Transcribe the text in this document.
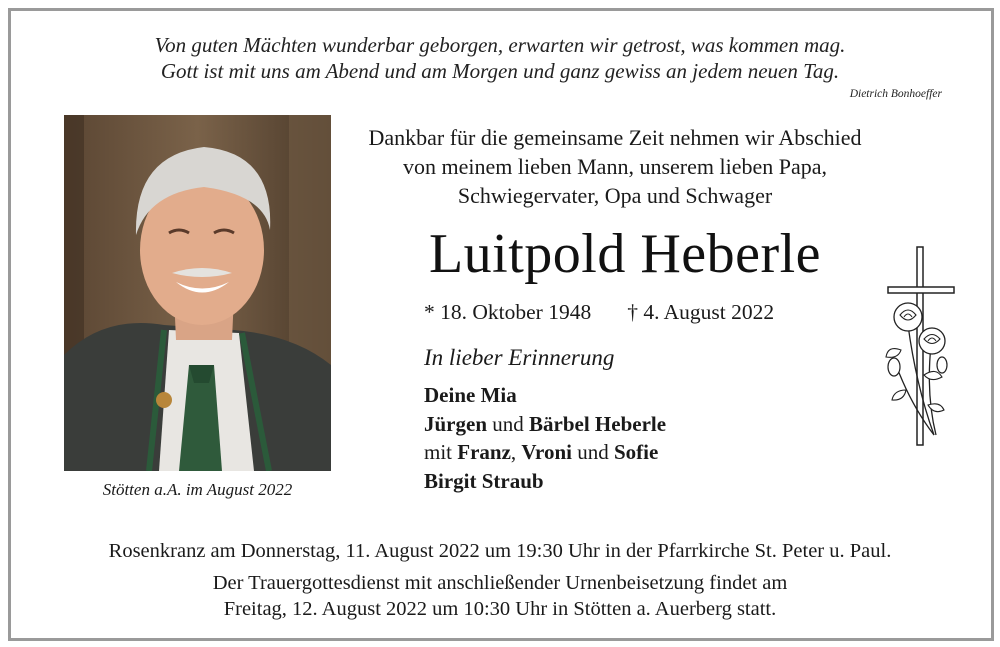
Von guten Mächten wunderbar geborgen, erwarten wir getrost, was kommen mag.
Gott ist mit uns am Abend und am Morgen und ganz gewiss an jedem neuen Tag.
Dietrich Bonhoeffer
Stötten a.A. im August 2022
Dankbar für die gemeinsame Zeit nehmen wir Abschied
von meinem lieben Mann, unserem lieben Papa,
Schwiegervater, Opa und Schwager
Luitpold Heberle
* 18. Oktober 1948 † 4. August 2022
In lieber Erinnerung
Deine Mia
Jürgen und Bärbel Heberle
mit Franz, Vroni und Sofie
Birgit Straub
Rosenkranz am Donnerstag, 11. August 2022 um 19:30 Uhr in der Pfarrkirche St. Peter u. Paul.
Der Trauergottesdienst mit anschließender Urnenbeisetzung findet am
Freitag, 12. August 2022 um 10:30 Uhr in Stötten a. Auerberg statt.
